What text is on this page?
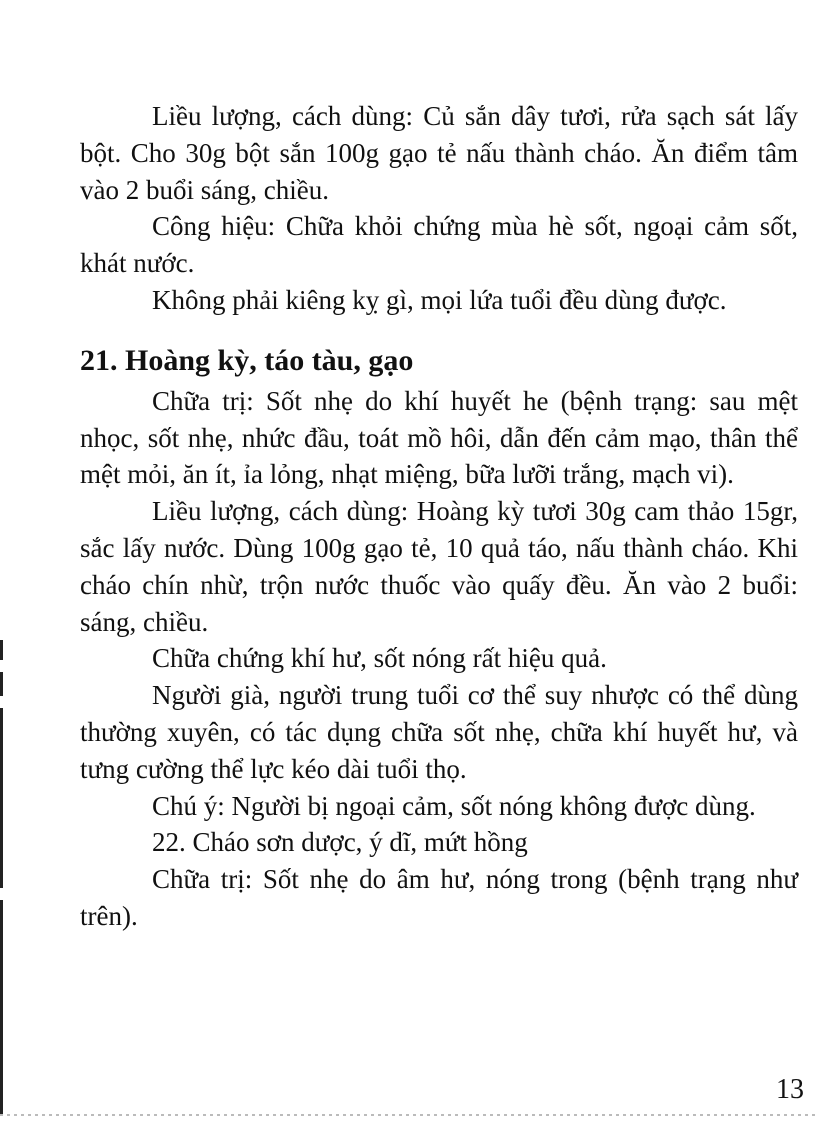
Liều lượng, cách dùng: Củ sắn dây tươi, rửa sạch sát lấy bột. Cho 30g bột sắn 100g gạo tẻ nấu thành cháo. Ăn điểm tâm vào 2 buổi sáng, chiều.

Công hiệu: Chữa khỏi chứng mùa hè sốt, ngoại cảm sốt, khát nước.

Không phải kiêng kỵ gì, mọi lứa tuổi đều dùng được.

21. Hoàng kỳ, táo tàu, gạo

Chữa trị: Sốt nhẹ do khí huyết he (bệnh trạng: sau mệt nhọc, sốt nhẹ, nhức đầu, toát mồ hôi, dẫn đến cảm mạo, thân thể mệt mỏi, ăn ít, ỉa lỏng, nhạt miệng, bữa lưỡi trắng, mạch vi).

Liều lượng, cách dùng: Hoàng kỳ tươi 30g cam thảo 15gr, sắc lấy nước. Dùng 100g gạo tẻ, 10 quả táo, nấu thành cháo. Khi cháo chín nhừ, trộn nước thuốc vào quấy đều. Ăn vào 2 buổi: sáng, chiều.

Chữa chứng khí hư, sốt nóng rất hiệu quả.

Người già, người trung tuổi cơ thể suy nhược có thể dùng thường xuyên, có tác dụng chữa sốt nhẹ, chữa khí huyết hư, và tưng cường thể lực kéo dài tuổi thọ.

Chú ý: Người bị ngoại cảm, sốt nóng không được dùng.

22. Cháo sơn dược, ý dĩ, mứt hồng

Chữa trị: Sốt nhẹ do âm hư, nóng trong (bệnh trạng như trên).

13
